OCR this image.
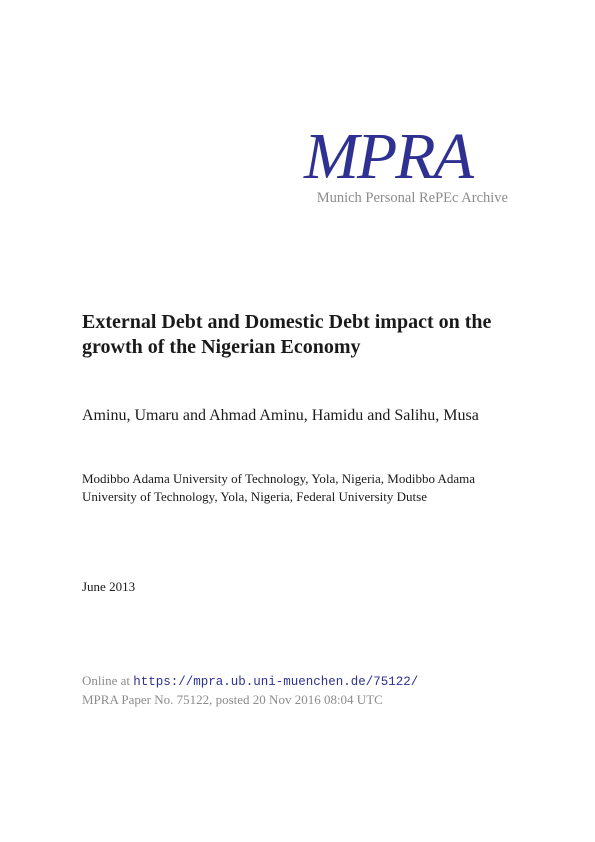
MPRA
Munich Personal RePEc Archive
External Debt and Domestic Debt impact on the growth of the Nigerian Economy

Aminu, Umaru and Ahmad Aminu, Hamidu and Salihu, Musa

Modibbo Adama University of Technology, Yola, Nigeria, Modibbo Adama University of Technology, Yola, Nigeria, Federal University Dutse

June 2013

Online at https://mpra.ub.uni-muenchen.de/75122/
MPRA Paper No. 75122, posted 20 Nov 2016 08:04 UTC
